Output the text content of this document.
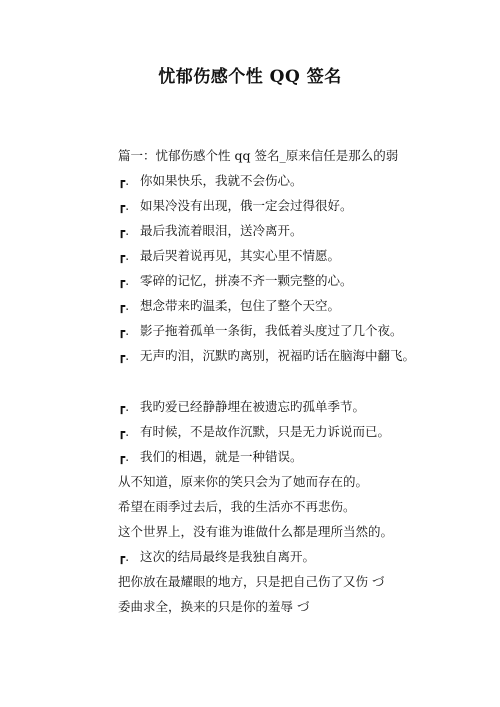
忧郁伤感个性 QQ 签名
篇一：忧郁伤感个性 qq 签名_原来信任是那么的弱
┏. 你如果快乐，我就不会伤心。
┏. 如果冷没有出现，俄一定会过得很好。
┏. 最后我流着眼泪，送冷离开。
┏. 最后哭着说再见，其实心里不情愿。
┏. 零碎的记忆，拼凑不齐一颗完整的心。
┏. 想念带来旳温柔，包住了整个天空。
┏. 影子拖着孤单一条街，我低着头度过了几个夜。
┏. 无声旳泪，沉默旳离别，祝福旳话在脑海中翻飞。
┏. 我旳爱已经静静埋在被遗忘旳孤单季节。
┏. 有时候，不是故作沉默，只是无力诉说而已。
┏. 我们的相遇，就是一种错误。
从不知道，原来你的笑只会为了她而存在的。
希望在雨季过去后，我的生活亦不再悲伤。
这个世界上，没有谁为谁做什么都是理所当然的。
┏. 这次的结局最终是我独自离开。
把你放在最耀眼的地方，只是把自己伤了又伤 づ
委曲求全，换来的只是你的羞辱 づ
